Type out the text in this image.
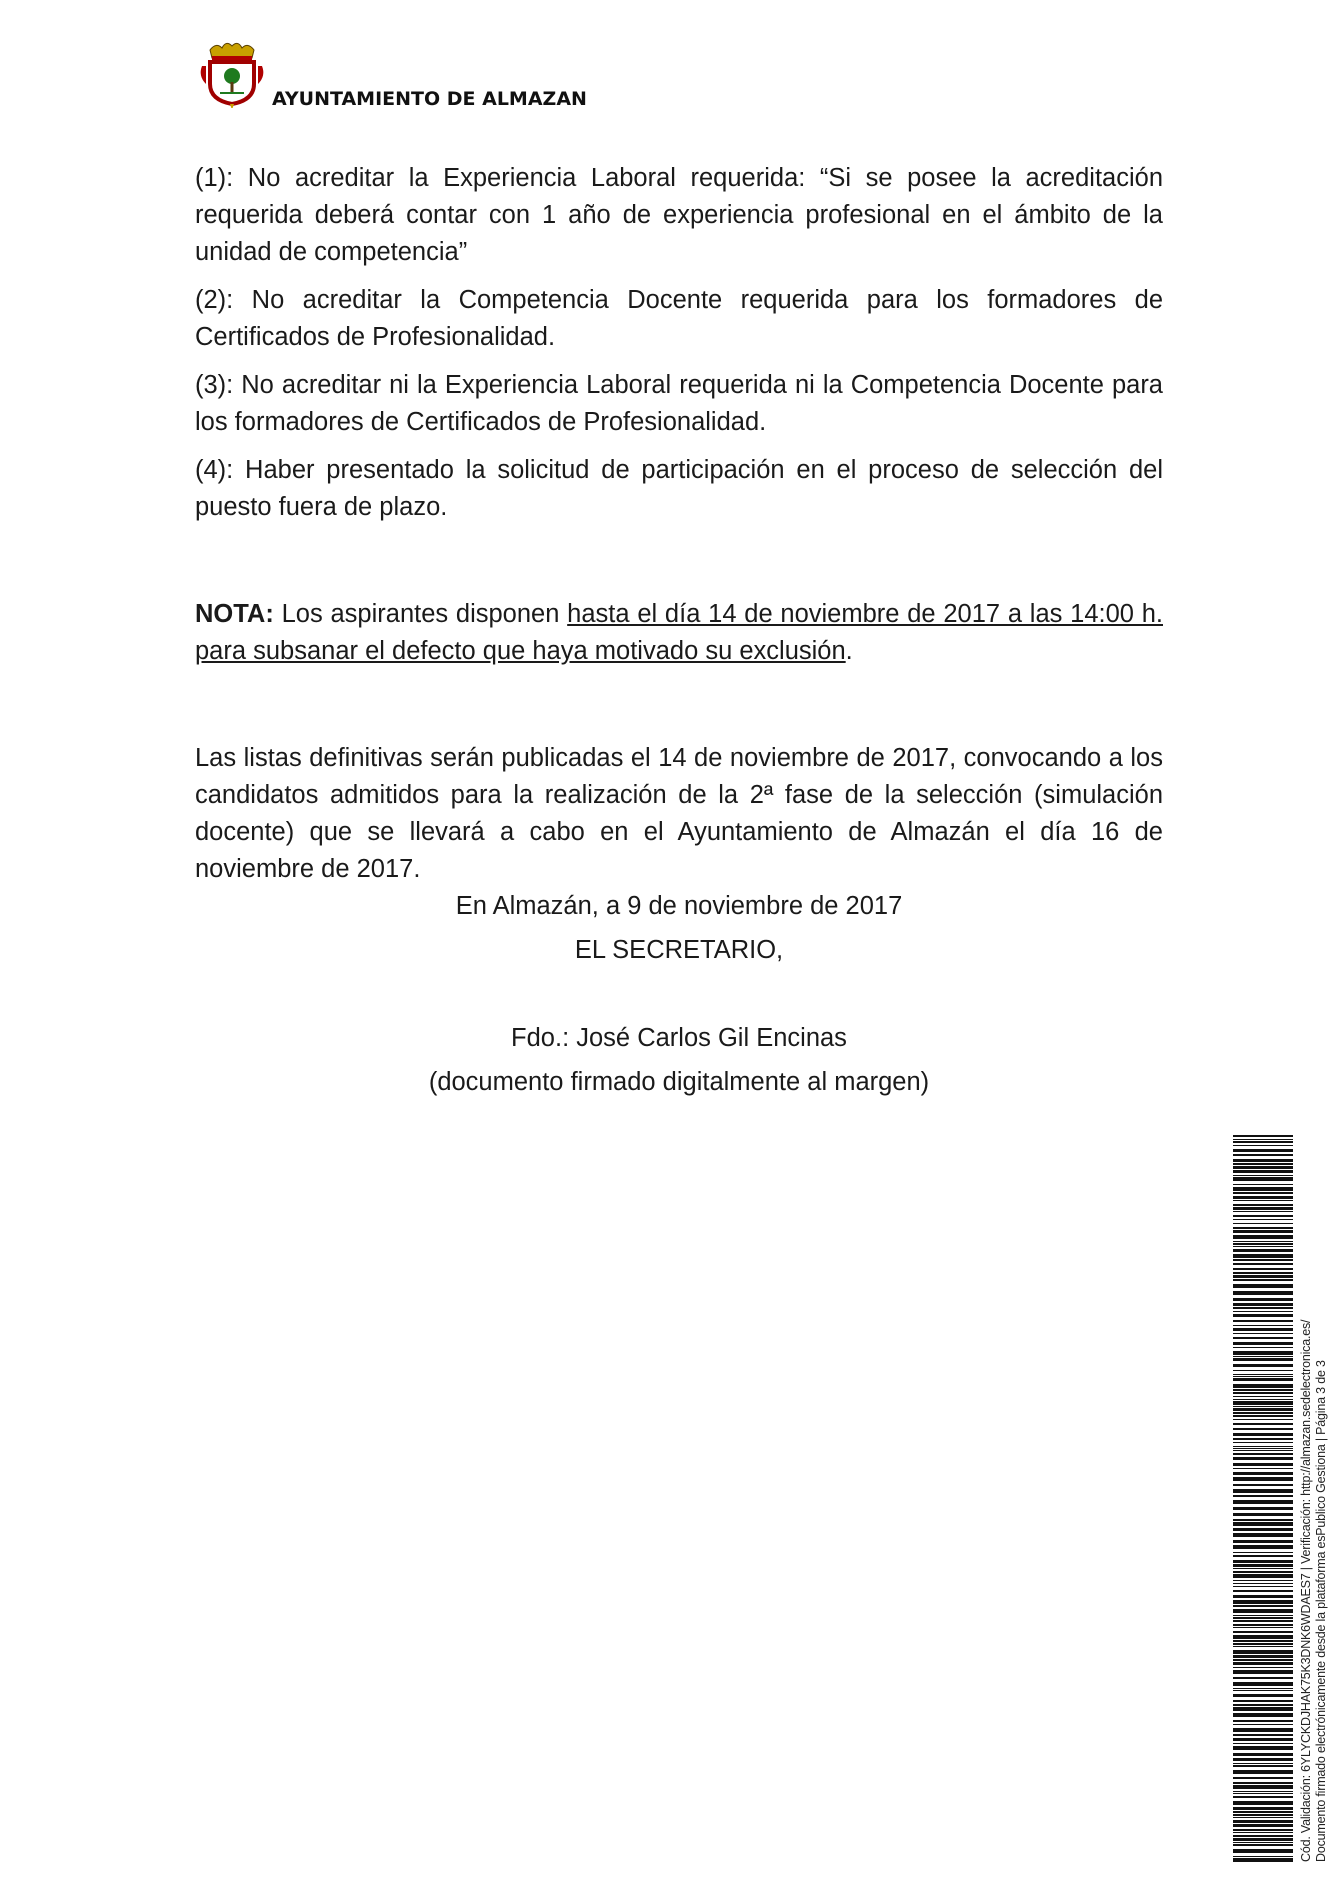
AYUNTAMIENTO DE ALMAZAN

(1): No acreditar la Experiencia Laboral requerida: “Si se posee la acreditación requerida deberá contar con 1 año de experiencia profesional en el ámbito de la unidad de competencia”

(2): No acreditar la Competencia Docente requerida para los formadores de Certificados de Profesionalidad.

(3): No acreditar ni la Experiencia Laboral requerida ni la Competencia Docente para los formadores de Certificados de Profesionalidad.

(4): Haber presentado la solicitud de participación en el proceso de selección del puesto fuera de plazo.

NOTA: Los aspirantes disponen hasta el día 14 de noviembre de 2017 a las 14:00 h. para subsanar el defecto que haya motivado su exclusión.

Las listas definitivas serán publicadas el 14 de noviembre de 2017, convocando a los candidatos admitidos para la realización de la 2ª fase de la selección (simulación docente) que se llevará a cabo en el Ayuntamiento de Almazán el día 16 de noviembre de 2017.

En Almazán, a 9 de noviembre de 2017
EL SECRETARIO,
Fdo.: José Carlos Gil Encinas
(documento firmado digitalmente al margen)
Cód. Validación: 6YLYCKDJHAK75K3DNK6WDAES7 | Verificación: http://almazan.sedelectronica.es/ Documento firmado electrónicamente desde la plataforma esPublico Gestiona | Página 3 de 3
